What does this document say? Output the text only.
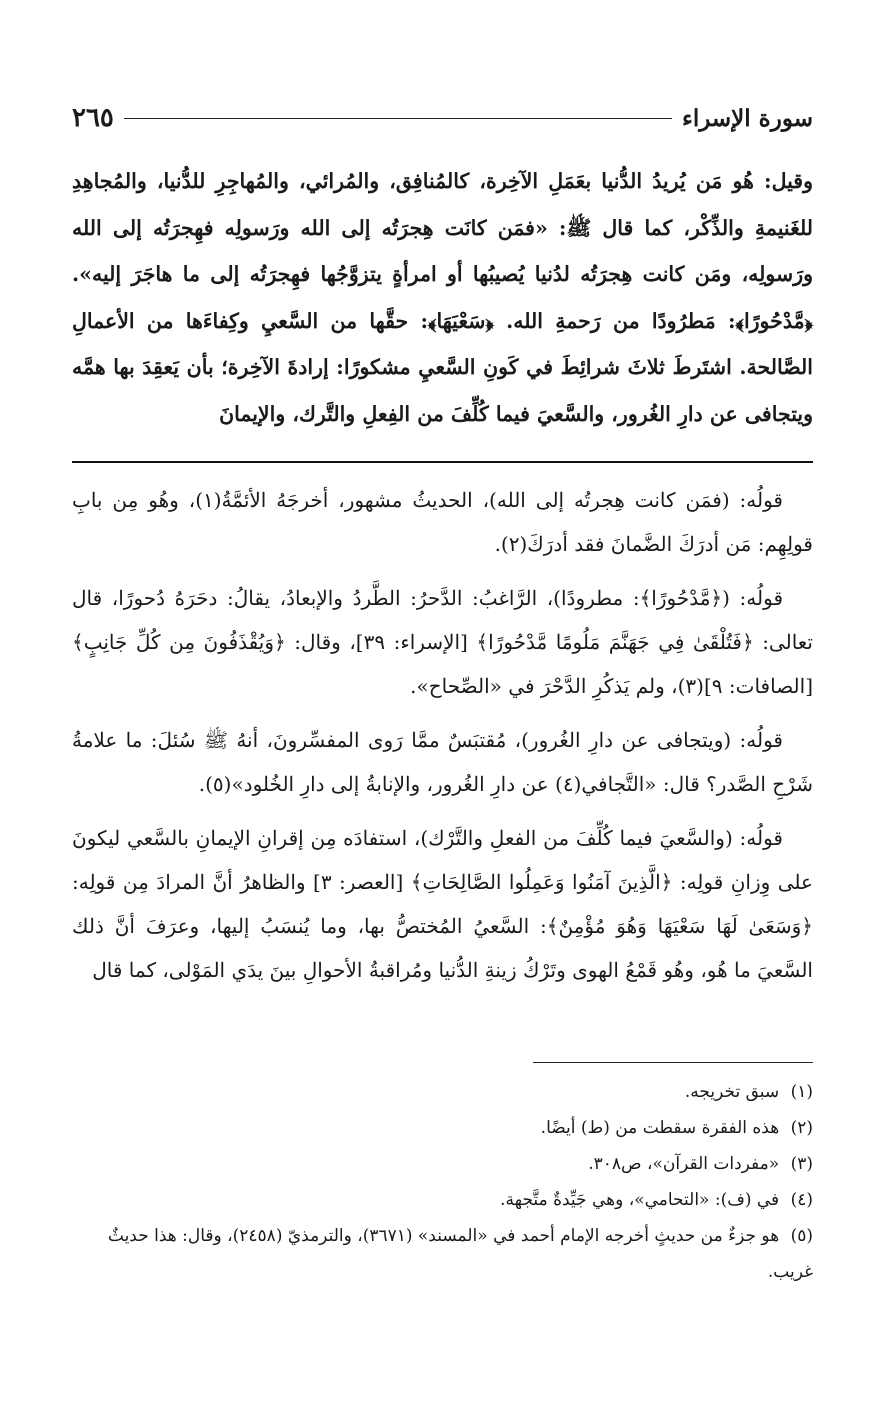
سورة الإسراء
٢٦٥

وقيل: هُو مَن يُريدُ الدُّنيا بعَمَلِ الآخِرة، كالمُنافِق، والمُرائي، والمُهاجِرِ للدُّنيا، والمُجاهِدِ للغَنيمةِ والذِّكْر، كما قال ﷺ: «فمَن كانَت هِجرَتُه إلى الله ورَسولِه فهِجرَتُه إلى الله ورَسولِه، ومَن كانت هِجرَتُه لدُنيا يُصيبُها أو امرأةٍ يتزوَّجُها فهِجرَتُه إلى ما هاجَرَ إليه». ﴿مَّدْحُورًا﴾: مَطرُودًا من رَحمةِ الله. ﴿سَعْيَهَا﴾: حقَّها من السَّعيِ وكِفاءَها من الأعمالِ الصَّالحة. اشتَرطَ ثلاثَ شرائِطَ في كَونِ السَّعيِ مشكورًا: إرادةَ الآخِرة؛ بأن يَعقِدَ بها همَّه ويتجافى عن دارِ الغُرور، والسَّعيَ فيما كُلِّفَ من الفِعلِ والتَّرك، والإيمانَ

قولُه: (فمَن كانت هِجرتُه إلى الله)، الحديثُ مشهور، أخرجَهُ الأئمَّةُ(١)، وهُو مِن بابِ قولِهِم: مَن أدرَكَ الضَّمانَ فقد أدرَكَ(٢).

قولُه: (﴿مَّدْحُورًا﴾: مطرودًا)، الرَّاغبُ: الدَّحرُ: الطَّردُ والإبعادُ، يقالُ: دحَرَهُ دُحورًا، قال تعالى: ﴿فَتُلْقَىٰ فِي جَهَنَّمَ مَلُومًا مَّدْحُورًا﴾ [الإسراء: ٣٩]، وقال: ﴿وَيُقْذَفُونَ مِن كُلِّ جَانِبٍ﴾ [الصافات: ٩](٣)، ولم يَذكُرِ الدَّحْرَ في «الصِّحاح».

قولُه: (ويتجافى عن دارِ الغُرور)، مُقتبَسٌ ممَّا رَوى المفسِّرونَ، أنهُ ﷺ سُئلَ: ما علامةُ شَرْحِ الصَّدر؟ قال: «التَّجافي(٤) عن دارِ الغُرور، والإنابةُ إلى دارِ الخُلود»(٥).

قولُه: (والسَّعيَ فيما كُلِّفَ من الفعلِ والتَّرْك)، استفادَه مِن إقرانِ الإيمانِ بالسَّعي ليكونَ على وِزانِ قولِه: ﴿الَّذِينَ آمَنُوا وَعَمِلُوا الصَّالِحَاتِ﴾ [العصر: ٣] والظاهرُ أنَّ المرادَ مِن قولِه: ﴿وَسَعَىٰ لَهَا سَعْيَهَا وَهُوَ مُؤْمِنٌ﴾: السَّعيُ المُختصُّ بها، وما يُنسَبُ إليها، وعرَفَ أنَّ ذلك السَّعيَ ما هُو، وهُو قَمْعُ الهوى وتَرْكُ زينةِ الدُّنيا ومُراقبةُ الأحوالِ بينَ يدَي المَوْلى، كما قال

(١) سبق تخريجه.

(٢) هذه الفقرة سقطت من (ط) أيضًا.

(٣) «مفردات القرآن»، ص٣٠٨.

(٤) في (ف): «التحامي»، وهي جَيِّدةٌ متَّجهة.

(٥) هو جزءٌ من حديثٍ أخرجه الإمام أحمد في «المسند» (٣٦٧١)، والترمذيّ (٢٤٥٨)، وقال: هذا حديثٌ غريب.
